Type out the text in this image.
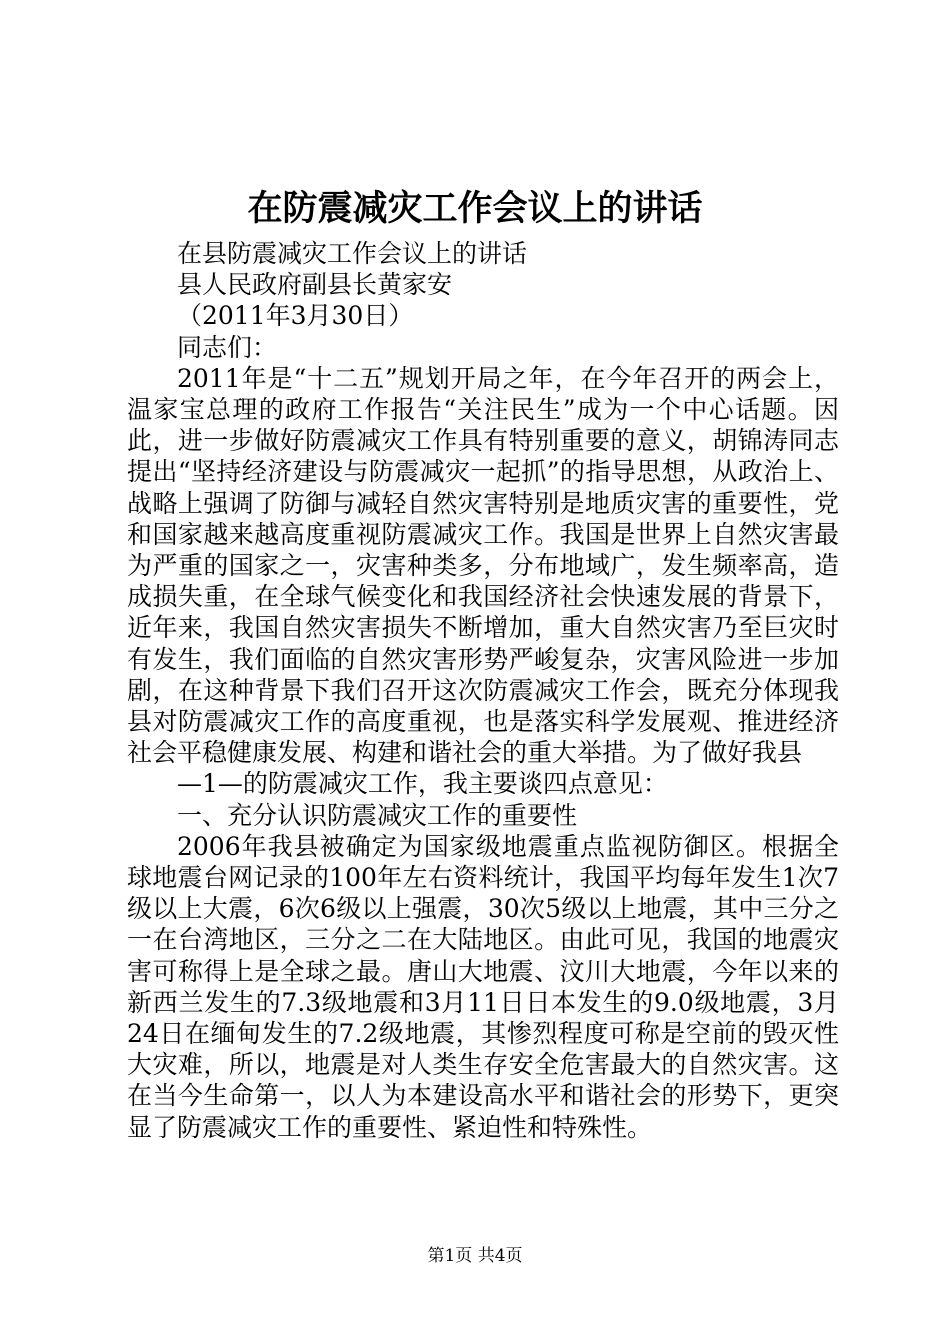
在防震减灾工作会议上的讲话

在县防震减灾工作会议上的讲话

县人民政府副县长黄家安

（2011年3月30日）

同志们：

2011年是“十二五”规划开局之年，在今年召开的两会上，温家宝总理的政府工作报告“关注民生”成为一个中心话题。因此，进一步做好防震减灾工作具有特别重要的意义，胡锦涛同志提出“坚持经济建设与防震减灾一起抓”的指导思想，从政治上、战略上强调了防御与减轻自然灾害特别是地质灾害的重要性，党和国家越来越高度重视防震减灾工作。我国是世界上自然灾害最为严重的国家之一，灾害种类多，分布地域广，发生频率高，造成损失重，在全球气候变化和我国经济社会快速发展的背景下，近年来，我国自然灾害损失不断增加，重大自然灾害乃至巨灾时有发生，我们面临的自然灾害形势严峻复杂，灾害风险进一步加剧，在这种背景下我们召开这次防震减灾工作会，既充分体现我县对防震减灾工作的高度重视，也是落实科学发展观、推进经济社会平稳健康发展、构建和谐社会的重大举措。为了做好我县

—1—的防震减灾工作，我主要谈四点意见：

一、充分认识防震减灾工作的重要性

2006年我县被确定为国家级地震重点监视防御区。根据全球地震台网记录的100年左右资料统计，我国平均每年发生1次7级以上大震，6次6级以上强震，30次5级以上地震，其中三分之一在台湾地区，三分之二在大陆地区。由此可见，我国的地震灾害可称得上是全球之最。唐山大地震、汶川大地震，今年以来的新西兰发生的7.3级地震和3月11日日本发生的9.0级地震，3月24日在缅甸发生的7.2级地震，其惨烈程度可称是空前的毁灭性大灾难，所以，地震是对人类生存安全危害最大的自然灾害。这在当今生命第一，以人为本建设高水平和谐社会的形势下，更突显了防震减灾工作的重要性、紧迫性和特殊性。

第1页 共4页
